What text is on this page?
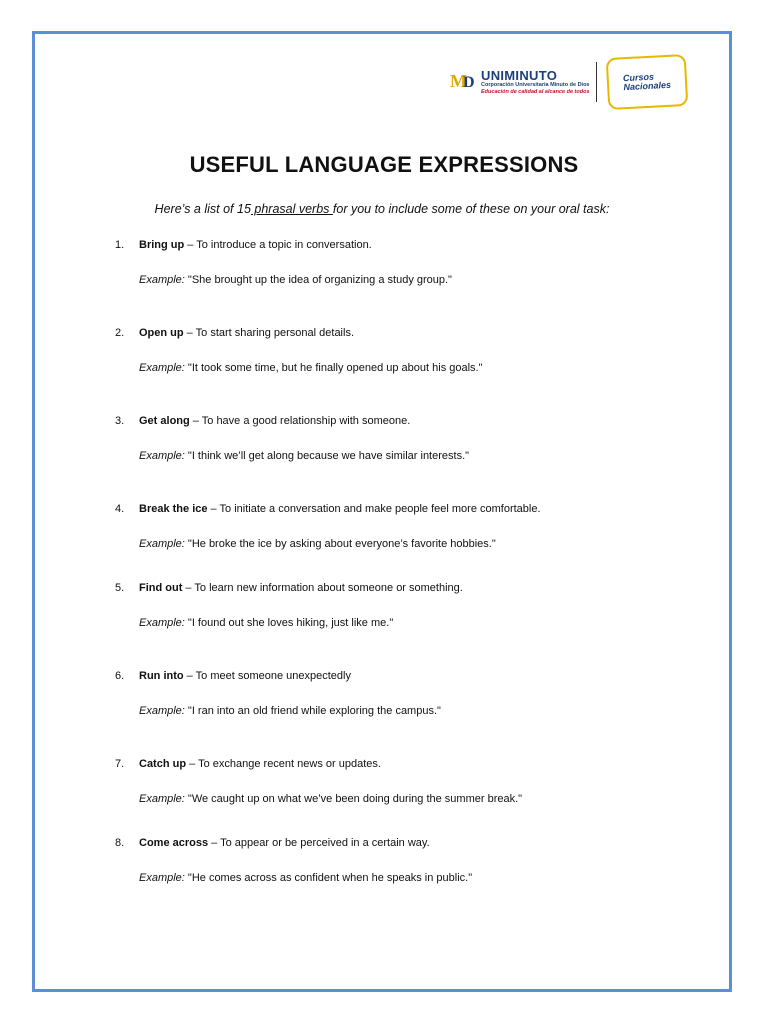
M
D UNIMINUTO
Corporación Universitaria Minuto de Dios
Educación de calidad al alcance de todos
Cursos
Nacionales
USEFUL LANGUAGE EXPRESSIONS
Here’s a list of 15 phrasal verbs for you to include some of these on your oral task:
1. Bring up – To introduce a topic in conversation.
Example: "She brought up the idea of organizing a study group."
2. Open up – To start sharing personal details.
Example: "It took some time, but he finally opened up about his goals."
3. Get along – To have a good relationship with someone.
Example: "I think we’ll get along because we have similar interests."
4. Break the ice – To initiate a conversation and make people feel more comfortable.
Example: "He broke the ice by asking about everyone’s favorite hobbies."
5. Find out – To learn new information about someone or something.
Example: "I found out she loves hiking, just like me."
6. Run into – To meet someone unexpectedly
Example: "I ran into an old friend while exploring the campus."
7. Catch up – To exchange recent news or updates.
Example: "We caught up on what we’ve been doing during the summer break."
8. Come across – To appear or be perceived in a certain way.
Example: "He comes across as confident when he speaks in public."
